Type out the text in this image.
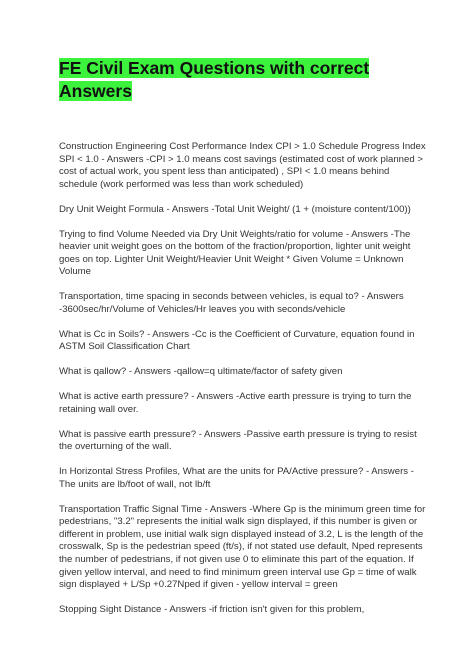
FE Civil Exam Questions with correct Answers

Construction Engineering Cost Performance Index CPI > 1.0 Schedule Progress Index SPI < 1.0 - Answers -CPI > 1.0 means cost savings (estimated cost of work planned > cost of actual work, you spent less than anticipated) , SPI < 1.0 means behind schedule (work performed was less than work scheduled)

Dry Unit Weight Formula - Answers -Total Unit Weight/ (1 + (moisture content/100))

Trying to find Volume Needed via Dry Unit Weights/ratio for volume - Answers -The heavier unit weight goes on the bottom of the fraction/proportion, lighter unit weight goes on top. Lighter Unit Weight/Heavier Unit Weight * Given Volume = Unknown Volume

Transportation, time spacing in seconds between vehicles, is equal to? - Answers -3600sec/hr/Volume of Vehicles/Hr leaves you with seconds/vehicle

What is Cc in Soils? - Answers -Cc is the Coefficient of Curvature, equation found in ASTM Soil Classification Chart

What is qallow? - Answers -qallow=q ultimate/factor of safety given

What is active earth pressure? - Answers -Active earth pressure is trying to turn the retaining wall over.

What is passive earth pressure? - Answers -Passive earth pressure is trying to resist the overturning of the wall.

In Horizontal Stress Profiles, What are the units for PA/Active pressure? - Answers -The units are lb/foot of wall, not lb/ft

Transportation Traffic Signal Time - Answers -Where Gp is the minimum green time for pedestrians, "3.2" represents the initial walk sign displayed, if this number is given or different in problem, use initial walk sign displayed instead of 3.2, L is the length of the crosswalk, Sp is the pedestrian speed (ft/s), if not stated use default, Nped represents the number of pedestrians, if not given use 0 to eliminate this part of the equation. If given yellow interval, and need to find minimum green interval use Gp = time of walk sign displayed + L/Sp +0.27Nped if given - yellow interval = green

Stopping Sight Distance - Answers -if friction isn't given for this problem,
